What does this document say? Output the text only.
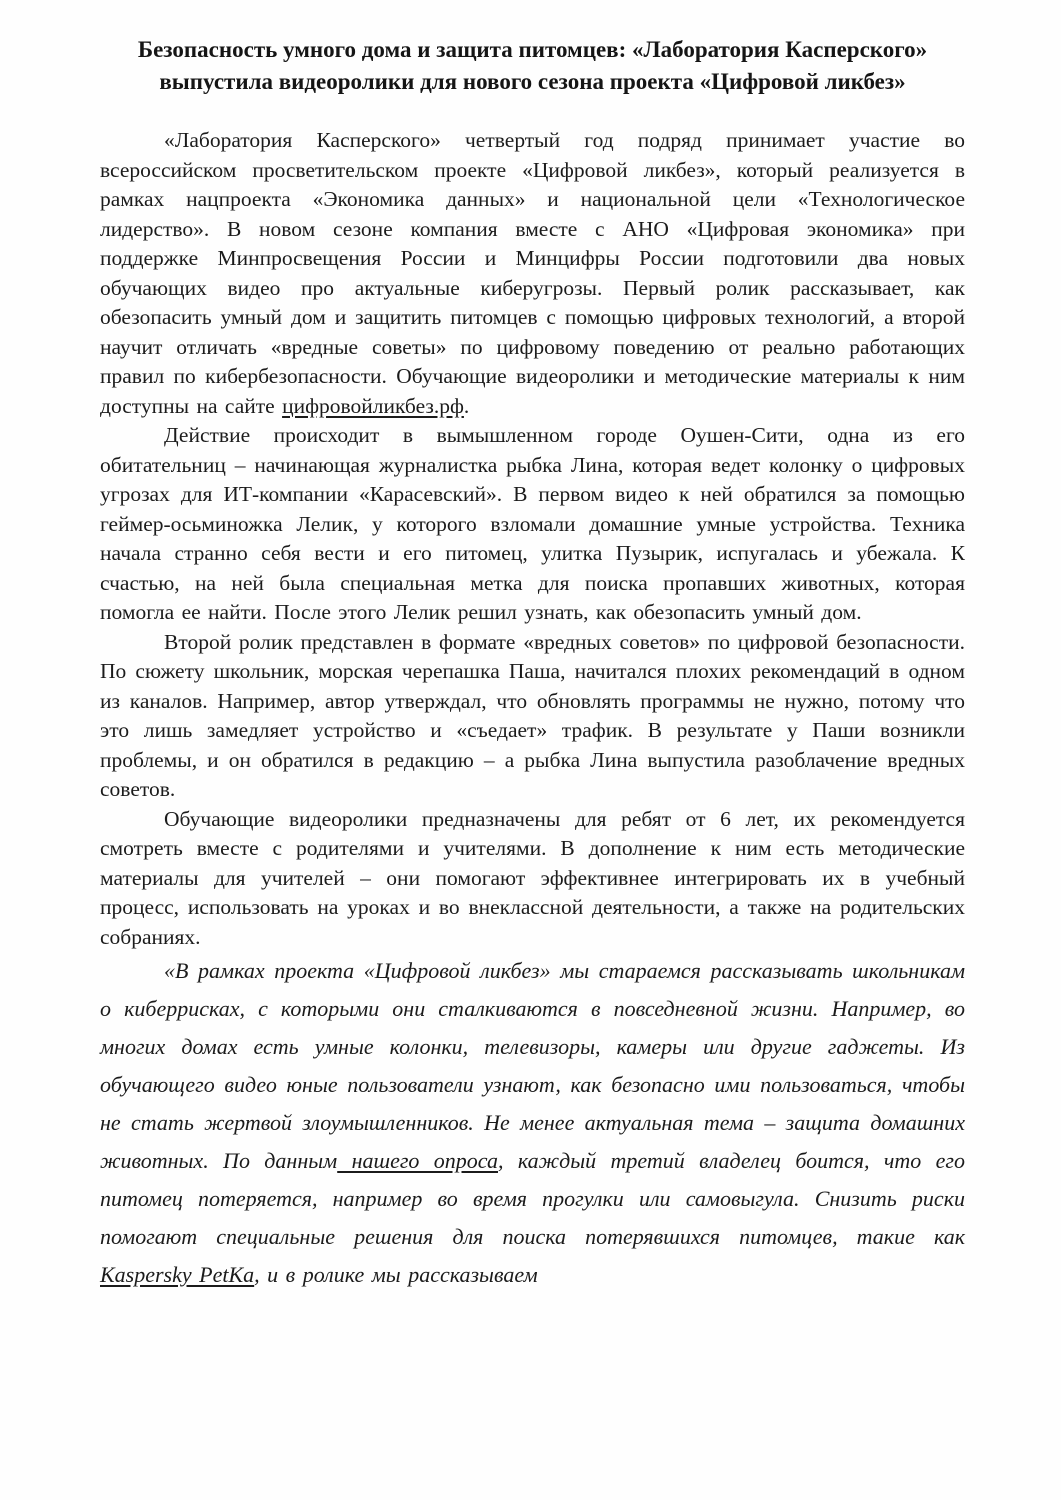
Безопасность умного дома и защита питомцев: «Лаборатория Касперского» выпустила видеоролики для нового сезона проекта «Цифровой ликбез»

«Лаборатория Касперского» четвертый год подряд принимает участие во всероссийском просветительском проекте «Цифровой ликбез», который реализуется в рамках нацпроекта «Экономика данных» и национальной цели «Технологическое лидерство». В новом сезоне компания вместе с АНО «Цифровая экономика» при поддержке Минпросвещения России и Минцифры России подготовили два новых обучающих видео про актуальные киберугрозы. Первый ролик рассказывает, как обезопасить умный дом и защитить питомцев с помощью цифровых технологий, а второй научит отличать «вредные советы» по цифровому поведению от реально работающих правил по кибербезопасности. Обучающие видеоролики и методические материалы к ним доступны на сайте цифровойликбез.рф.

Действие происходит в вымышленном городе Оушен-Сити, одна из его обитательниц – начинающая журналистка рыбка Лина, которая ведет колонку о цифровых угрозах для ИТ-компании «Карасевский». В первом видео к ней обратился за помощью геймер-осьминожка Лелик, у которого взломали домашние умные устройства. Техника начала странно себя вести и его питомец, улитка Пузырик, испугалась и убежала. К счастью, на ней была специальная метка для поиска пропавших животных, которая помогла ее найти. После этого Лелик решил узнать, как обезопасить умный дом.

Второй ролик представлен в формате «вредных советов» по цифровой безопасности. По сюжету школьник, морская черепашка Паша, начитался плохих рекомендаций в одном из каналов. Например, автор утверждал, что обновлять программы не нужно, потому что это лишь замедляет устройство и «съедает» трафик. В результате у Паши возникли проблемы, и он обратился в редакцию – а рыбка Лина выпустила разоблачение вредных советов.

Обучающие видеоролики предназначены для ребят от 6 лет, их рекомендуется смотреть вместе с родителями и учителями. В дополнение к ним есть методические материалы для учителей – они помогают эффективнее интегрировать их в учебный процесс, использовать на уроках и во внеклассной деятельности, а также на родительских собраниях.

«В рамках проекта «Цифровой ликбез» мы стараемся рассказывать школьникам о киберрисках, с которыми они сталкиваются в повседневной жизни. Например, во многих домах есть умные колонки, телевизоры, камеры или другие гаджеты. Из обучающего видео юные пользователи узнают, как безопасно ими пользоваться, чтобы не стать жертвой злоумышленников. Не менее актуальная тема – защита домашних животных. По данным нашего опроса, каждый третий владелец боится, что его питомец потеряется, например во время прогулки или самовыгула. Снизить риски помогают специальные решения для поиска потерявшихся питомцев, такие как Kaspersky PetKa, и в ролике мы рассказываем
